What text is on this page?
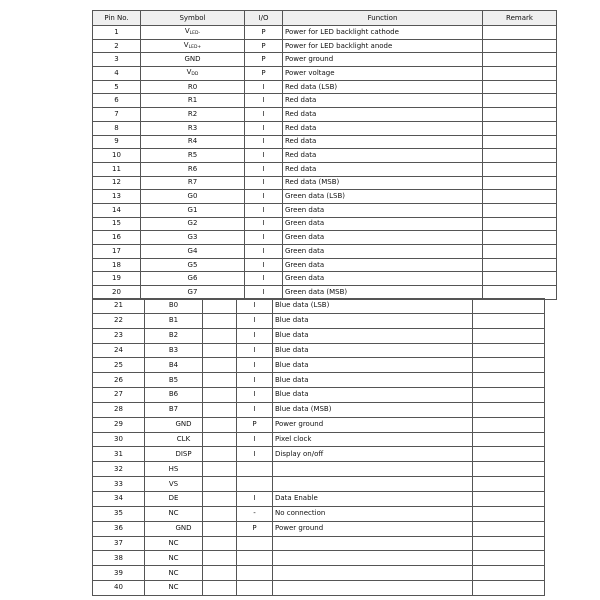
Pin No.	Symbol	I/O	Function	Remark
1	$V_{LED-}$	P	Power for LED backlight cathode	
2	$V_{LED+}$	P	Power for LED backlight anode	
3	GND	P	Power ground	
4	$V_{DD}$	P	Power voltage	
5	R0	I	Red data (LSB)	
6	R1	I	Red data	
7	R2	I	Red data	
8	R3	I	Red data	
9	R4	I	Red data	
10	R5	I	Red data	
11	R6	I	Red data	
12	R7	I	Red data (MSB)	
13	G0	I	Green data (LSB)	
14	G1	I	Green data	
15	G2	I	Green data	
16	G3	I	Green data	
17	G4	I	Green data	
18	G5	I	Green data	
19	G6	I	Green data	
20	G7	I	Green data (MSB)	
21	B0		I	Blue data (LSB)	
22	B1		I	Blue data	
23	B2		I	Blue data	
24	B3		I	Blue data	
25	B4		I	Blue data	
26	B5		I	Blue data	
27	B6		I	Blue data	
28	B7		I	Blue data (MSB)	
29	GND		P	Power ground	
30	CLK		I	Pixel clock	
31	DISP		I	Display on/off	
32	HS				
33	VS				
34	DE		I	Data Enable	
35	NC		-	No connection	
36	GND		P	Power ground	
37	NC				
38	NC				
39	NC				
40	NC				
